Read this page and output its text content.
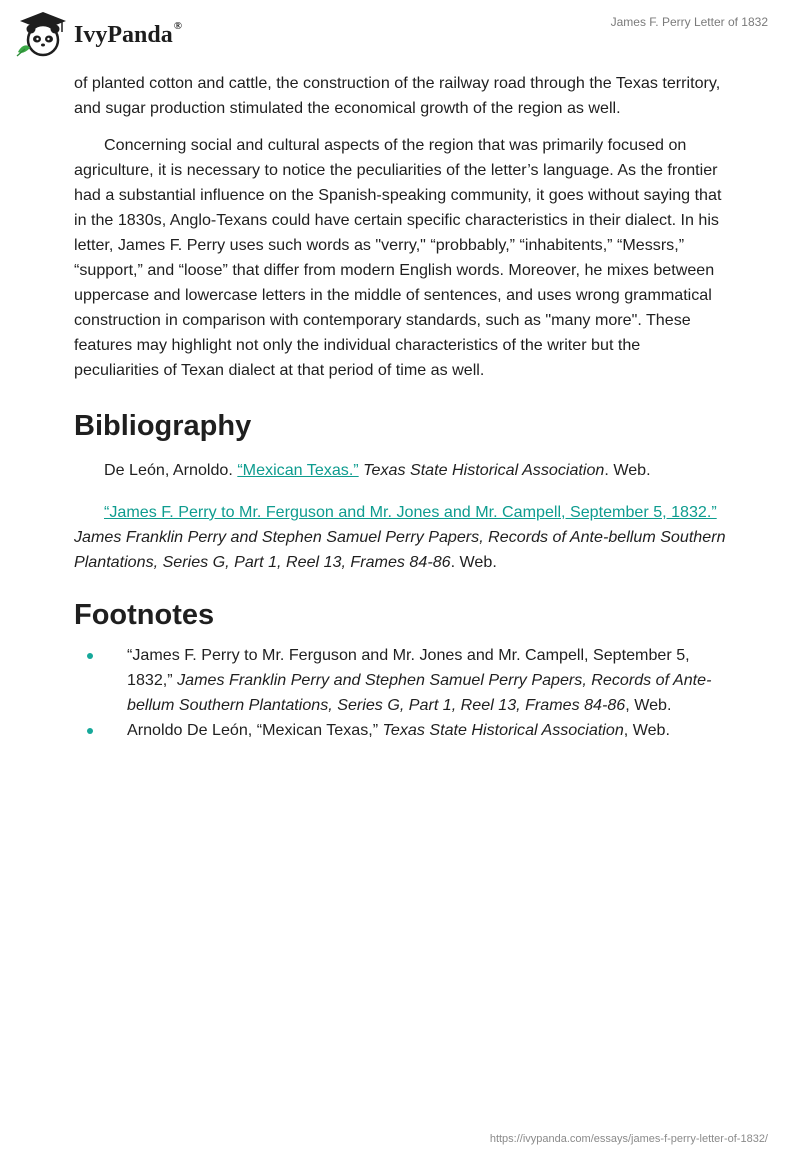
IvyPanda®	James F. Perry Letter of 1832

of planted cotton and cattle, the construction of the railway road through the Texas territory, and sugar production stimulated the economical growth of the region as well.

Concerning social and cultural aspects of the region that was primarily focused on agriculture, it is necessary to notice the peculiarities of the letter’s language. As the frontier had a substantial influence on the Spanish-speaking community, it goes without saying that in the 1830s, Anglo-Texans could have certain specific characteristics in their dialect. In his letter, James F. Perry uses such words as "verry," “probbably,” “inhabitents,” “Messrs,” “support,” and “loose” that differ from modern English words. Moreover, he mixes between uppercase and lowercase letters in the middle of sentences, and uses wrong grammatical construction in comparison with contemporary standards, such as "many more". These features may highlight not only the individual characteristics of the writer but the peculiarities of Texan dialect at that period of time as well.

Bibliography

De León, Arnoldo. “Mexican Texas.” Texas State Historical Association. Web.

“James F. Perry to Mr. Ferguson and Mr. Jones and Mr. Campell, September 5, 1832.” James Franklin Perry and Stephen Samuel Perry Papers, Records of Ante-bellum Southern Plantations, Series G, Part 1, Reel 13, Frames 84-86. Web.

Footnotes
“James F. Perry to Mr. Ferguson and Mr. Jones and Mr. Campell, September 5, 1832,” James Franklin Perry and Stephen Samuel Perry Papers, Records of Ante-bellum Southern Plantations, Series G, Part 1, Reel 13, Frames 84-86, Web.
Arnoldo De León, “Mexican Texas,” Texas State Historical Association, Web.
https://ivypanda.com/essays/james-f-perry-letter-of-1832/
